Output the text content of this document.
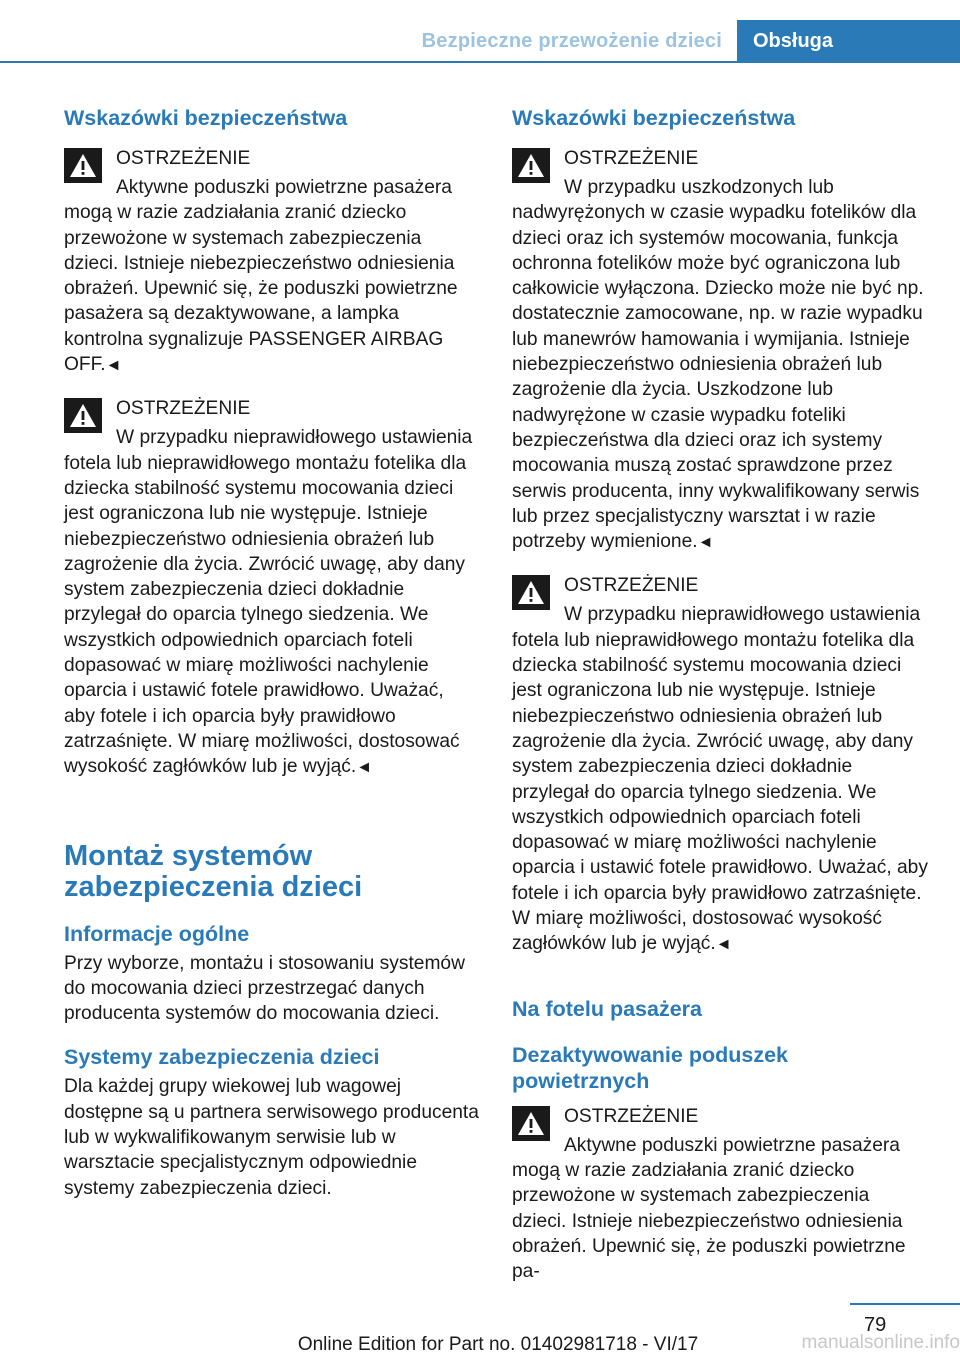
Bezpieczne przewożenie dzieci Obsługa
Wskazówki bezpieczeństwa
OSTRZEŻENIE

Aktywne poduszki powietrzne pasażera mogą w razie zadziałania zranić dziecko przewożone w systemach zabezpieczenia dzieci. Istnieje niebezpieczeństwo odniesienia obrażeń. Upewnić się, że poduszki powietrzne pasażera są dezaktywowane, a lampka kontrolna sygnalizuje PASSENGER AIRBAG OFF.◄

OSTRZEŻENIE

W przypadku nieprawidłowego ustawienia fotela lub nieprawidłowego montażu fotelika dla dziecka stabilność systemu mocowania dzieci jest ograniczona lub nie występuje. Istnieje niebezpieczeństwo odniesienia obrażeń lub zagrożenie dla życia. Zwrócić uwagę, aby dany system zabezpieczenia dzieci dokładnie przylegał do oparcia tylnego siedzenia. We wszystkich odpowiednich oparciach foteli dopasować w miarę możliwości nachylenie oparcia i ustawić fotele prawidłowo. Uważać, aby fotele i ich oparcia były prawidłowo zatrzaśnięte. W miarę możliwości, dostosować wysokość zagłówków lub je wyjąć.◄

Montaż systemów zabezpieczenia dzieci
Informacje ogólne

Przy wyborze, montażu i stosowaniu systemów do mocowania dzieci przestrzegać danych producenta systemów do mocowania dzieci.

Systemy zabezpieczenia dzieci

Dla każdej grupy wiekowej lub wagowej dostępne są u partnera serwisowego producenta lub w wykwalifikowanym serwisie lub w warsztacie specjalistycznym odpowiednie systemy zabezpieczenia dzieci.

Wskazówki bezpieczeństwa
OSTRZEŻENIE

W przypadku uszkodzonych lub nadwyrężonych w czasie wypadku fotelików dla dzieci oraz ich systemów mocowania, funkcja ochronna fotelików może być ograniczona lub całkowicie wyłączona. Dziecko może nie być np. dostatecznie zamocowane, np. w razie wypadku lub manewrów hamowania i wymijania. Istnieje niebezpieczeństwo odniesienia obrażeń lub zagrożenie dla życia. Uszkodzone lub nadwyrężone w czasie wypadku foteliki bezpieczeństwa dla dzieci oraz ich systemy mocowania muszą zostać sprawdzone przez serwis producenta, inny wykwalifikowany serwis lub przez specjalistyczny warsztat i w razie potrzeby wymienione.◄

OSTRZEŻENIE

W przypadku nieprawidłowego ustawienia fotela lub nieprawidłowego montażu fotelika dla dziecka stabilność systemu mocowania dzieci jest ograniczona lub nie występuje. Istnieje niebezpieczeństwo odniesienia obrażeń lub zagrożenie dla życia. Zwrócić uwagę, aby dany system zabezpieczenia dzieci dokładnie przylegał do oparcia tylnego siedzenia. We wszystkich odpowiednich oparciach foteli dopasować w miarę możliwości nachylenie oparcia i ustawić fotele prawidłowo. Uważać, aby fotele i ich oparcia były prawidłowo zatrzaśnięte. W miarę możliwości, dostosować wysokość zagłówków lub je wyjąć.◄

Na fotelu pasażera
Dezaktywowanie poduszek powietrznych
OSTRZEŻENIE

Aktywne poduszki powietrzne pasażera mogą w razie zadziałania zranić dziecko przewożone w systemach zabezpieczenia dzieci. Istnieje niebezpieczeństwo odniesienia obrażeń. Upewnić się, że poduszki powietrzne pa-

79
Online Edition for Part no. 01402981718 - VI/17	manualsonline.info
